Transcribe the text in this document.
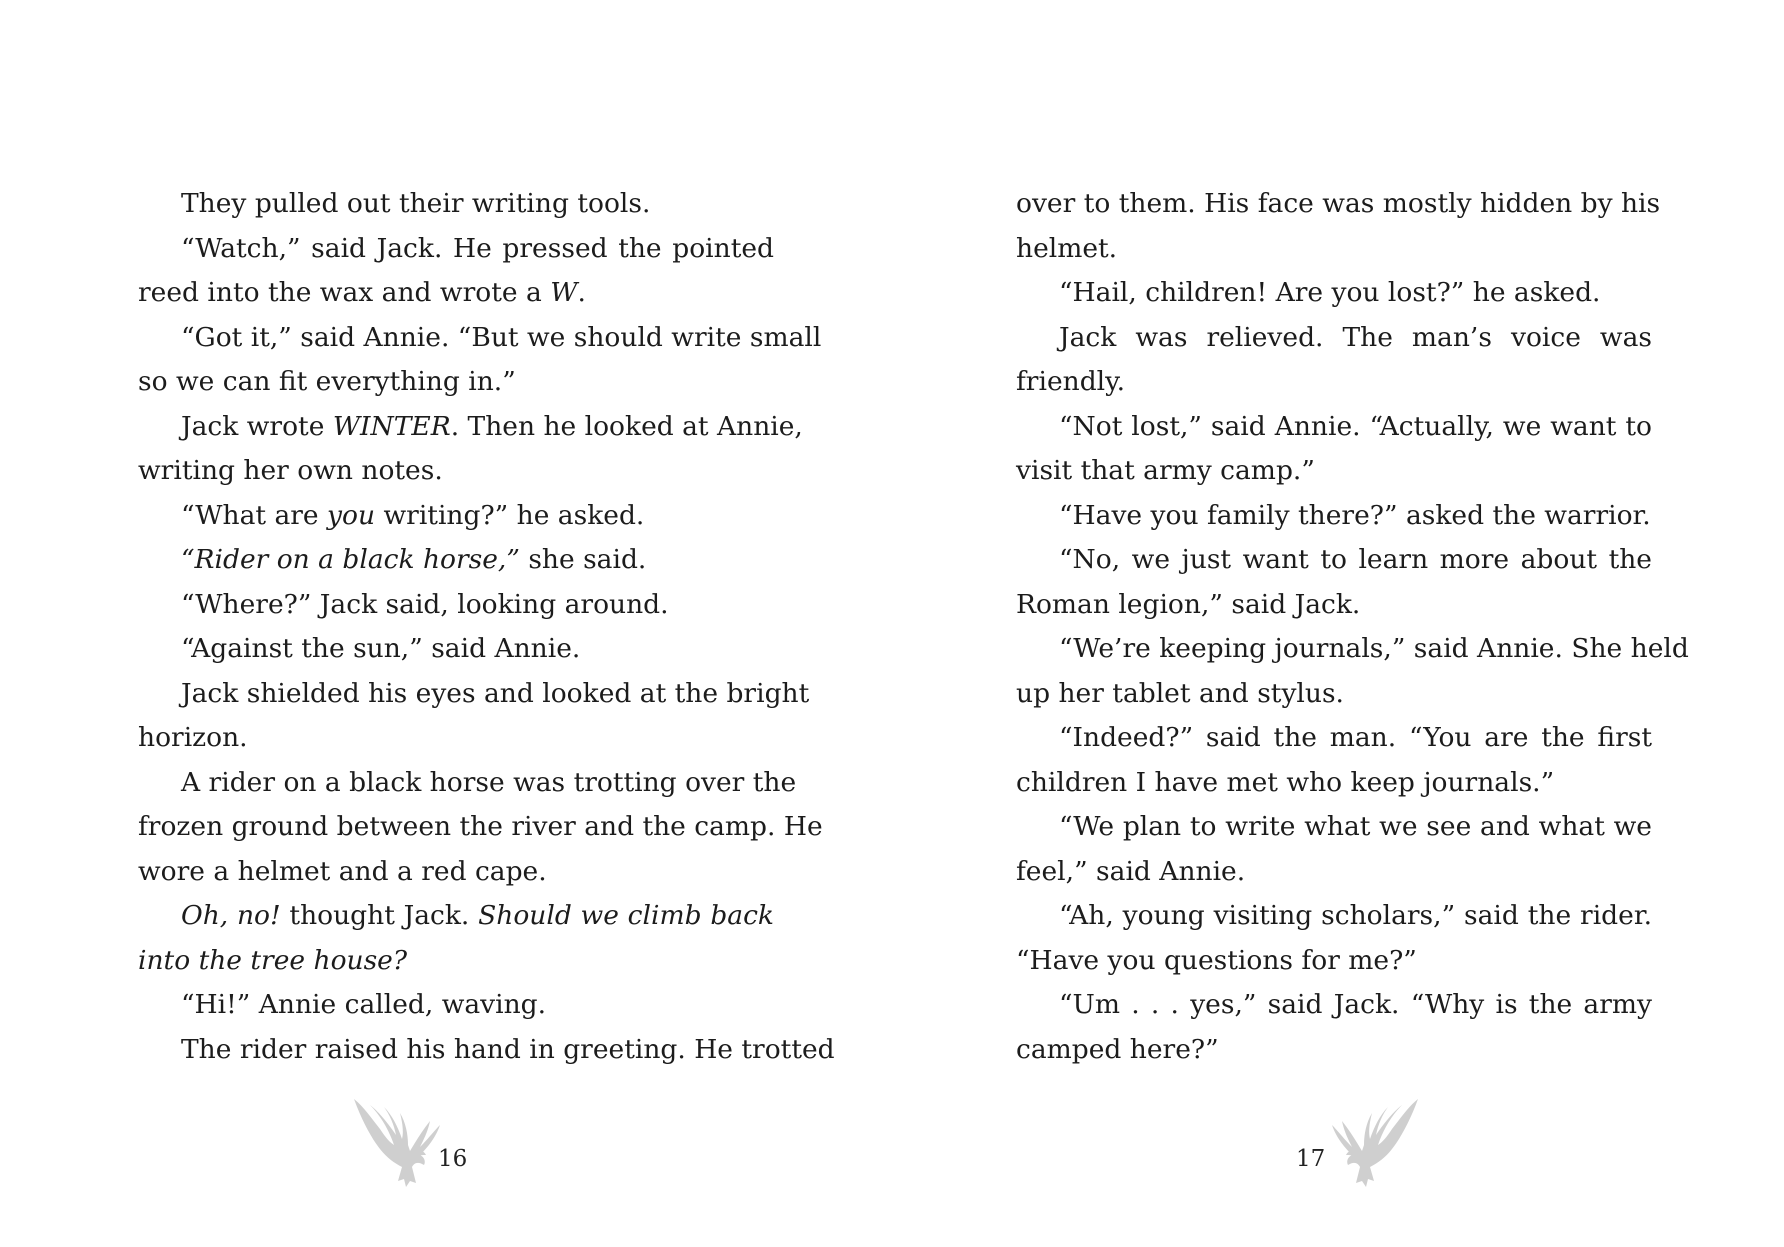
They pulled out their writing tools.
“Watch,” said Jack. He pressed the pointed
reed into the wax and wrote a W.
“Got it,” said Annie. “But we should write small
so we can fit everything in.”
Jack wrote WINTER. Then he looked at Annie,
writing her own notes.
“What are you writing?” he asked.
“Rider on a black horse,” she said.
“Where?” Jack said, looking around.
“Against the sun,” said Annie.
Jack shielded his eyes and looked at the bright
horizon.
A rider on a black horse was trotting over the
frozen ground between the river and the camp. He
wore a helmet and a red cape.
Oh, no! thought Jack. Should we climb back
into the tree house?
“Hi!” Annie called, waving.
The rider raised his hand in greeting. He trotted
16
over to them. His face was mostly hidden by his
helmet.
“Hail, children! Are you lost?” he asked.
Jack was relieved. The man’s voice was
friendly.
“Not lost,” said Annie. “Actually, we want to
visit that army camp.”
“Have you family there?” asked the warrior.
“No, we just want to learn more about the
Roman legion,” said Jack.
“We’re keeping journals,” said Annie. She held
up her tablet and stylus.
“Indeed?” said the man. “You are the first
children I have met who keep journals.”
“We plan to write what we see and what we
feel,” said Annie.
“Ah, young visiting scholars,” said the rider.
“Have you questions for me?”
“Um . . . yes,” said Jack. “Why is the army
camped here?”
17
